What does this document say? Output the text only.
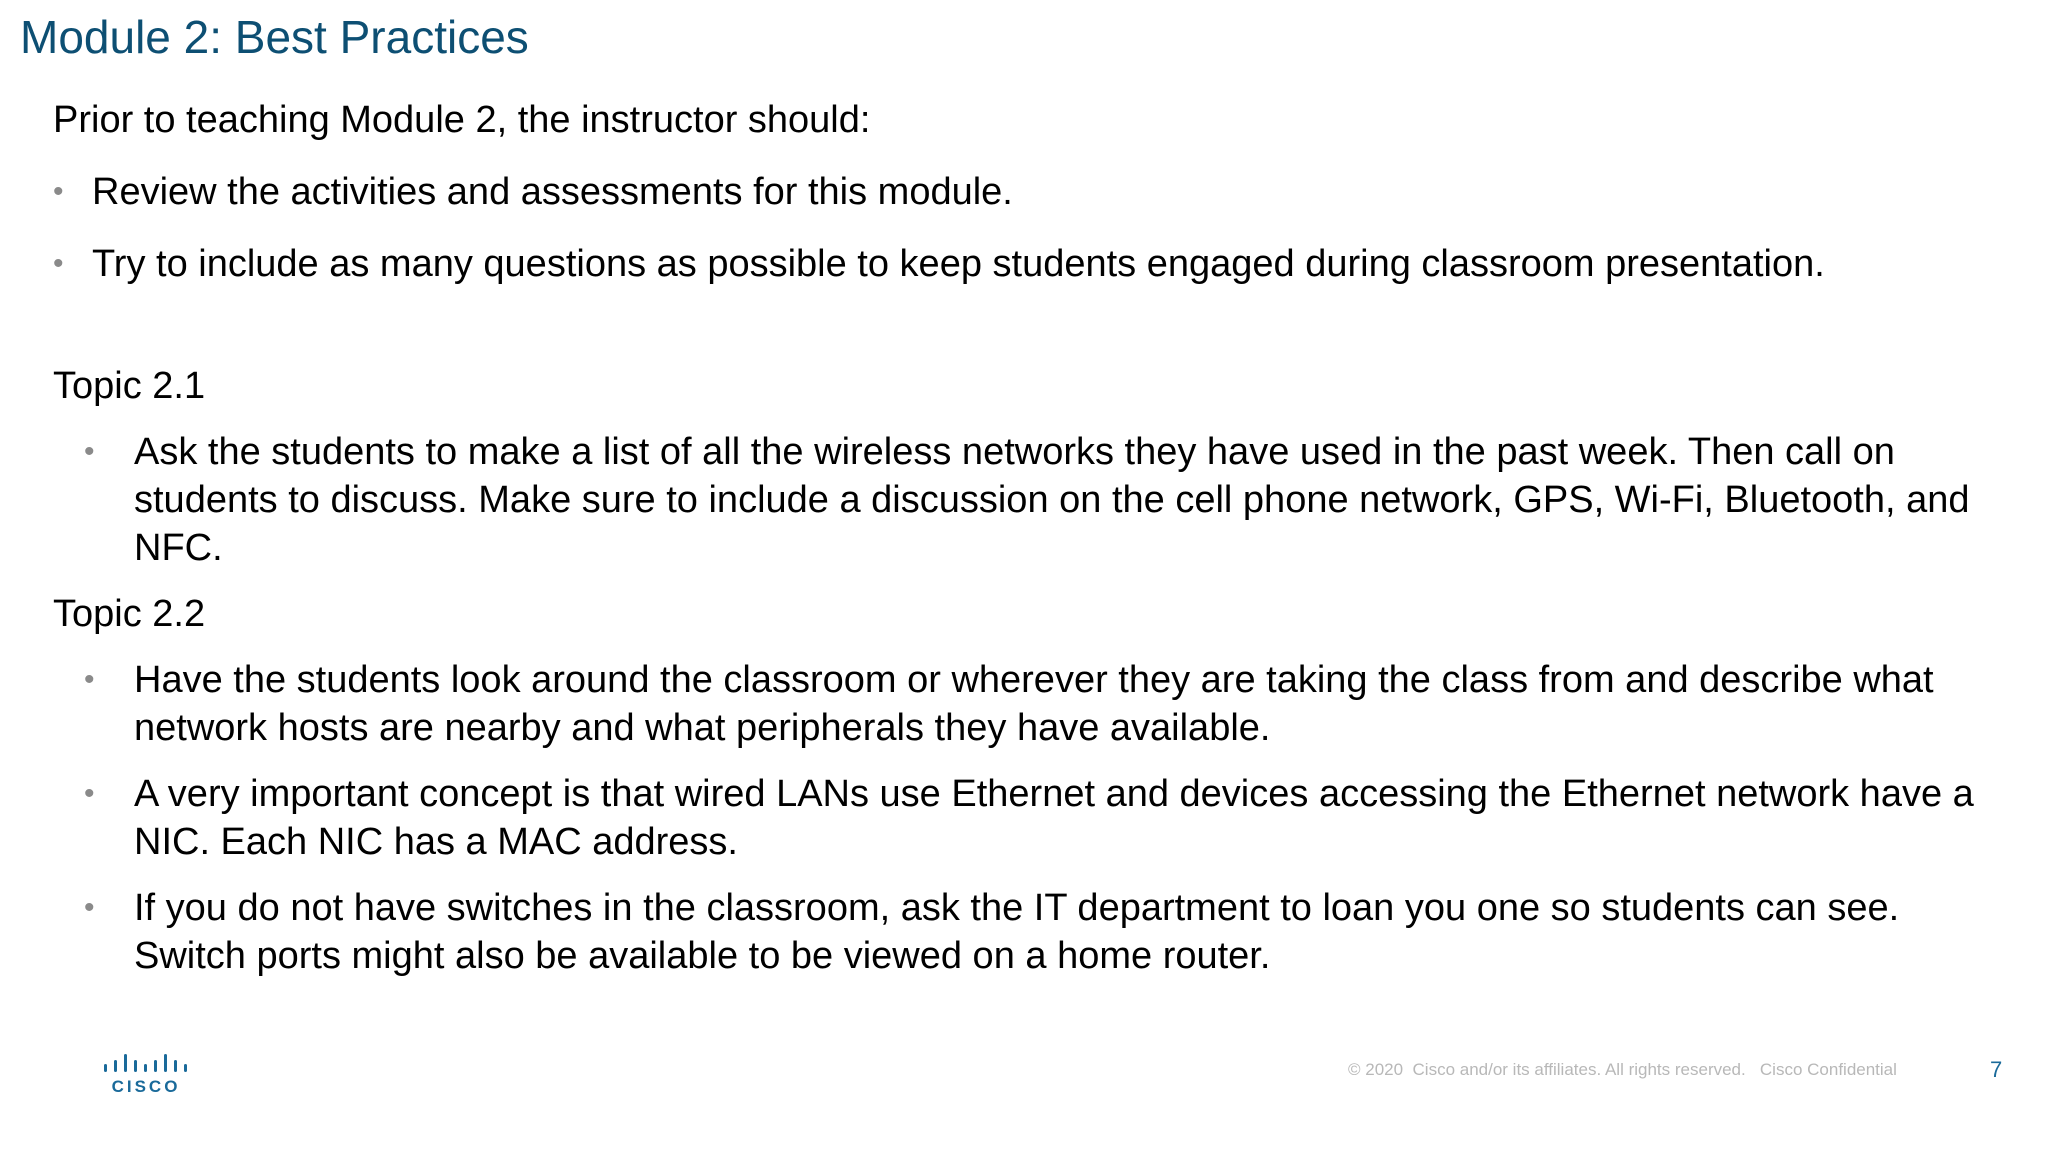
Module 2: Best Practices

Prior to teaching Module 2, the instructor should:

• Review the activities and assessments for this module.
• Try to include as many questions as possible to keep students engaged during classroom presentation.

Topic 2.1

• Ask the students to make a list of all the wireless networks they have used in the past week. Then call on students to discuss. Make sure to include a discussion on the cell phone network, GPS, Wi-Fi, Bluetooth, and NFC.

Topic 2.2

• Have the students look around the classroom or wherever they are taking the class from and describe what network hosts are nearby and what peripherals they have available.
• A very important concept is that wired LANs use Ethernet and devices accessing the Ethernet network have a NIC. Each NIC has a MAC address.
• If you do not have switches in the classroom, ask the IT department to loan you one so students can see. Switch ports might also be available to be viewed on a home router.
CISCO
© 2020  Cisco and/or its affiliates. All rights reserved.   Cisco Confidential	7
